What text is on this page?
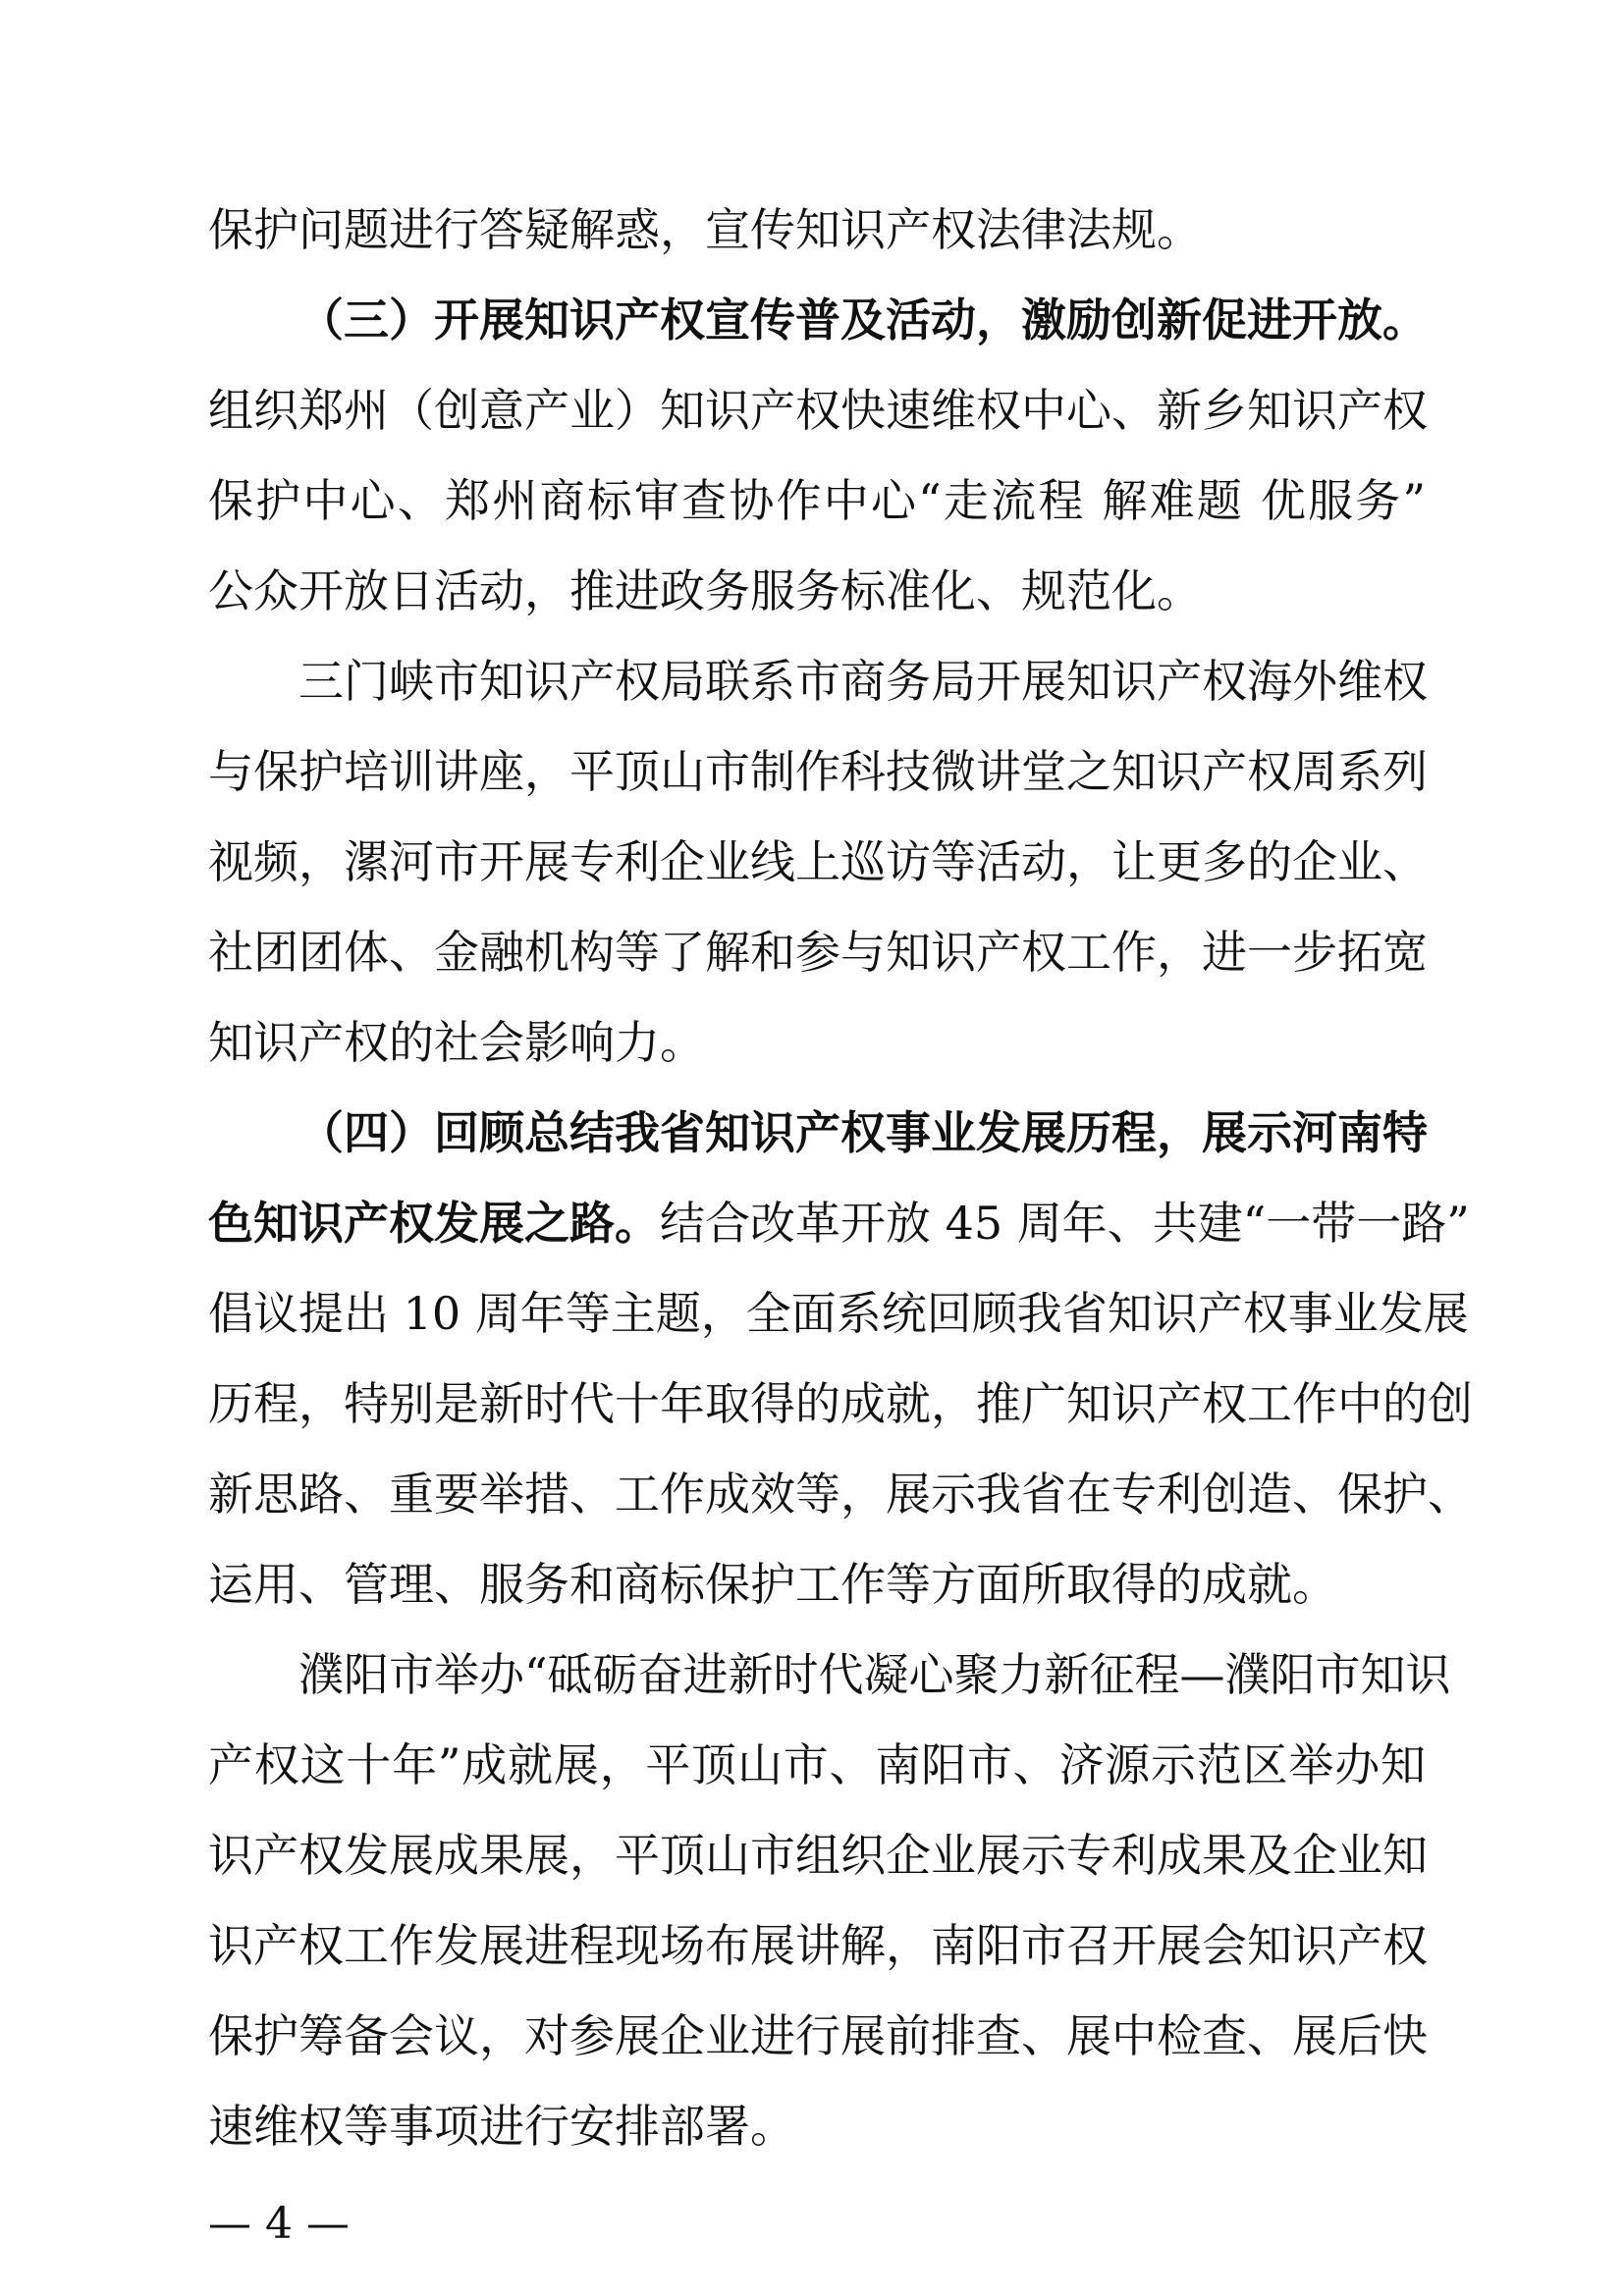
保护问题进行答疑解惑，宣传知识产权法律法规。
（三）开展知识产权宣传普及活动，激励创新促进开放。
组织郑州（创意产业）知识产权快速维权中心、新乡知识产权
保护中心、郑州商标审查协作中心“走流程 解难题 优服务”
公众开放日活动，推进政务服务标准化、规范化。
三门峡市知识产权局联系市商务局开展知识产权海外维权
与保护培训讲座，平顶山市制作科技微讲堂之知识产权周系列
视频，漯河市开展专利企业线上巡访等活动，让更多的企业、
社团团体、金融机构等了解和参与知识产权工作，进一步拓宽
知识产权的社会影响力。
（四）回顾总结我省知识产权事业发展历程，展示河南特
色知识产权发展之路。结合改革开放 45 周年、共建“一带一路”
倡议提出 10 周年等主题，全面系统回顾我省知识产权事业发展
历程，特别是新时代十年取得的成就，推广知识产权工作中的创
新思路、重要举措、工作成效等，展示我省在专利创造、保护、
运用、管理、服务和商标保护工作等方面所取得的成就。
濮阳市举办“砥砺奋进新时代凝心聚力新征程—濮阳市知识
产权这十年”成就展，平顶山市、南阳市、济源示范区举办知
识产权发展成果展，平顶山市组织企业展示专利成果及企业知
识产权工作发展进程现场布展讲解，南阳市召开展会知识产权
保护筹备会议，对参展企业进行展前排查、展中检查、展后快
速维权等事项进行安排部署。
— 4 —
